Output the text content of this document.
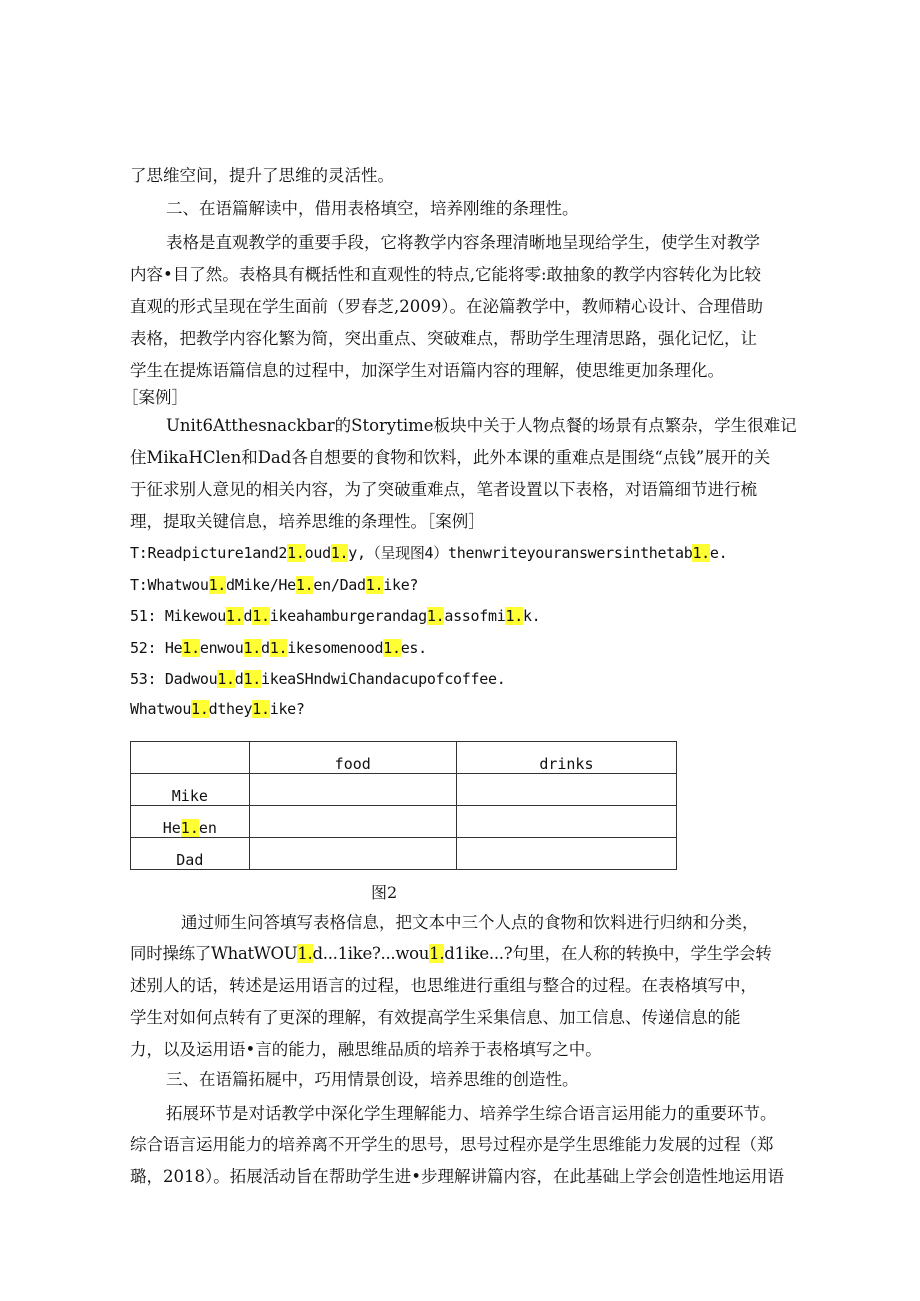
了思维空间，提升了思维的灵活性。
二、在语篇解读中，借用表格填空，培养刚维的条理性。
表格是直观教学的重要手段，它将教学内容条理清晰地呈现给学生，使学生对教学
内容•目了然。表格具有概括性和直观性的特点,它能将零:敢抽象的教学内容转化为比较
直观的形式呈现在学生面前（罗春芝,2009）。在泌篇教学中，教师精心设计、合理借助
表格，把教学内容化繁为简，突出重点、突破难点，帮助学生理清思路，强化记忆，让
学生在提炼语篇信息的过程中，加深学生对语篇内容的理解，使思维更加条理化。
［案例］
Unit6Atthesnackbar的Storytime板块中关于人物点餐的场景有点繁杂，学生很难记
住MikaHClen和Dad各自想要的食物和饮料，此外本课的重难点是围绕“点钱”展开的关
于征求别人意见的相关内容，为了突破重难点，笔者设置以下表格，对语篇细节进行梳
理，提取关键信息，培养思维的条理性。［案例］
T:Readpicture1and21.oud1.y,（呈现图4）thenwriteyouranswersinthetab1.e.
T:Whatwou1.dMike/He1.en/Dad1.ike?
51: Mikewou1.d1.ikeahamburgerandag1.assofmi1.k.
52: He1.enwou1.d1.ikesomenood1.es.
53: Dadwou1.d1.ikeaSHndwiChandacupofcoffee.
Whatwou1.dthey1.ike?
	food	drinks
Mike		
He1.en		
Dad		
图2
通过师生问答填写表格信息，把文本中三个人点的食物和饮料进行归纳和分类，
同时操练了WhatWOU1.d...1ike?...wou1.d1ike...?句里，在人称的转换中，学生学会转
述别人的话，转述是运用语言的过程，也思维进行重组与整合的过程。在表格填写中，
学生对如何点转有了更深的理解，有效提高学生采集信息、加工信息、传递信息的能
力，以及运用语•言的能力，融思维品质的培养于表格填写之中。
三、在语篇拓屣中，巧用情景创设，培养思维的创造性。
拓展环节是对话教学中深化学生理解能力、培养学生综合语言运用能力的重要环节。
综合语言运用能力的培养离不开学生的思号，思号过程亦是学生思维能力发展的过程（郑
璐，2018）。拓展活动旨在帮助学生进•步理解讲篇内容，在此基础上学会创造性地运用语
